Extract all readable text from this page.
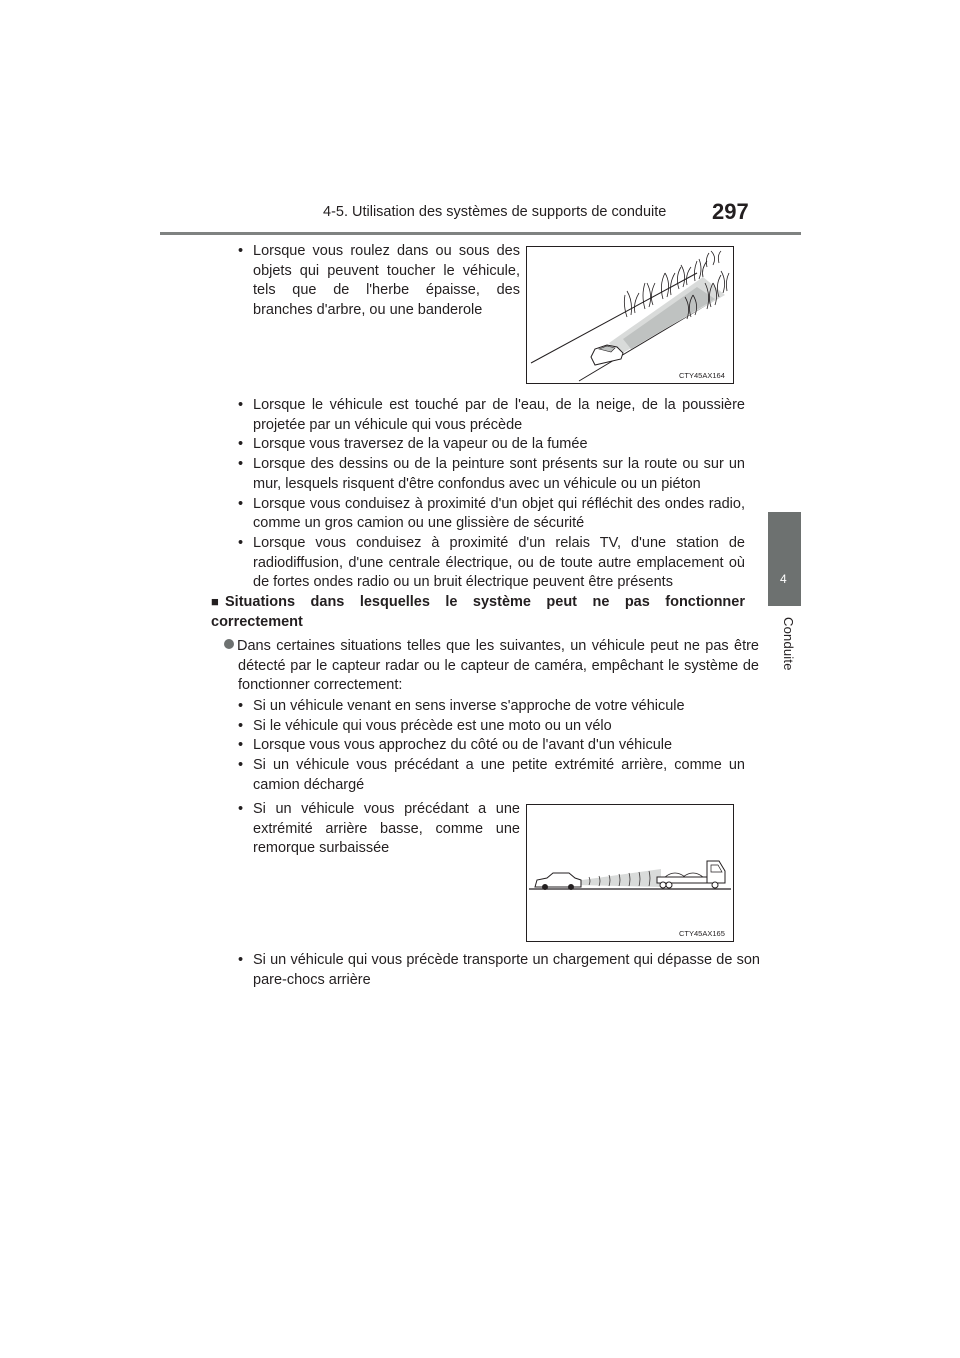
4-5. Utilisation des systèmes de supports de conduite 297
4
Conduite
• Lorsque vous roulez dans ou sous des objets qui peuvent toucher le véhicule, tels que de l'herbe épaisse, des branches d'arbre, ou une banderole
CTY45AX164
• Lorsque le véhicule est touché par de l'eau, de la neige, de la poussière projetée par un véhicule qui vous précède
• Lorsque vous traversez de la vapeur ou de la fumée
• Lorsque des dessins ou de la peinture sont présents sur la route ou sur un mur, lesquels risquent d'être confondus avec un véhicule ou un piéton
• Lorsque vous conduisez à proximité d'un objet qui réfléchit des ondes radio, comme un gros camion ou une glissière de sécurité
• Lorsque vous conduisez à proximité d'un relais TV, d'une station de radiodiffusion, d'une centrale électrique, ou de toute autre emplacement où de fortes ondes radio ou un bruit électrique peuvent être présents
■ Situations dans lesquelles le système peut ne pas fonctionner correctement
Dans certaines situations telles que les suivantes, un véhicule peut ne pas être détecté par le capteur radar ou le capteur de caméra, empêchant le système de fonctionner correctement:
• Si un véhicule venant en sens inverse s'approche de votre véhicule
• Si le véhicule qui vous précède est une moto ou un vélo
• Lorsque vous vous approchez du côté ou de l'avant d'un véhicule
• Si un véhicule vous précédant a une petite extrémité arrière, comme un camion déchargé
• Si un véhicule vous précédant a une extrémité arrière basse, comme une remorque surbaissée
CTY45AX165
• Si un véhicule qui vous précède transporte un chargement qui dépasse de son pare-chocs arrière
